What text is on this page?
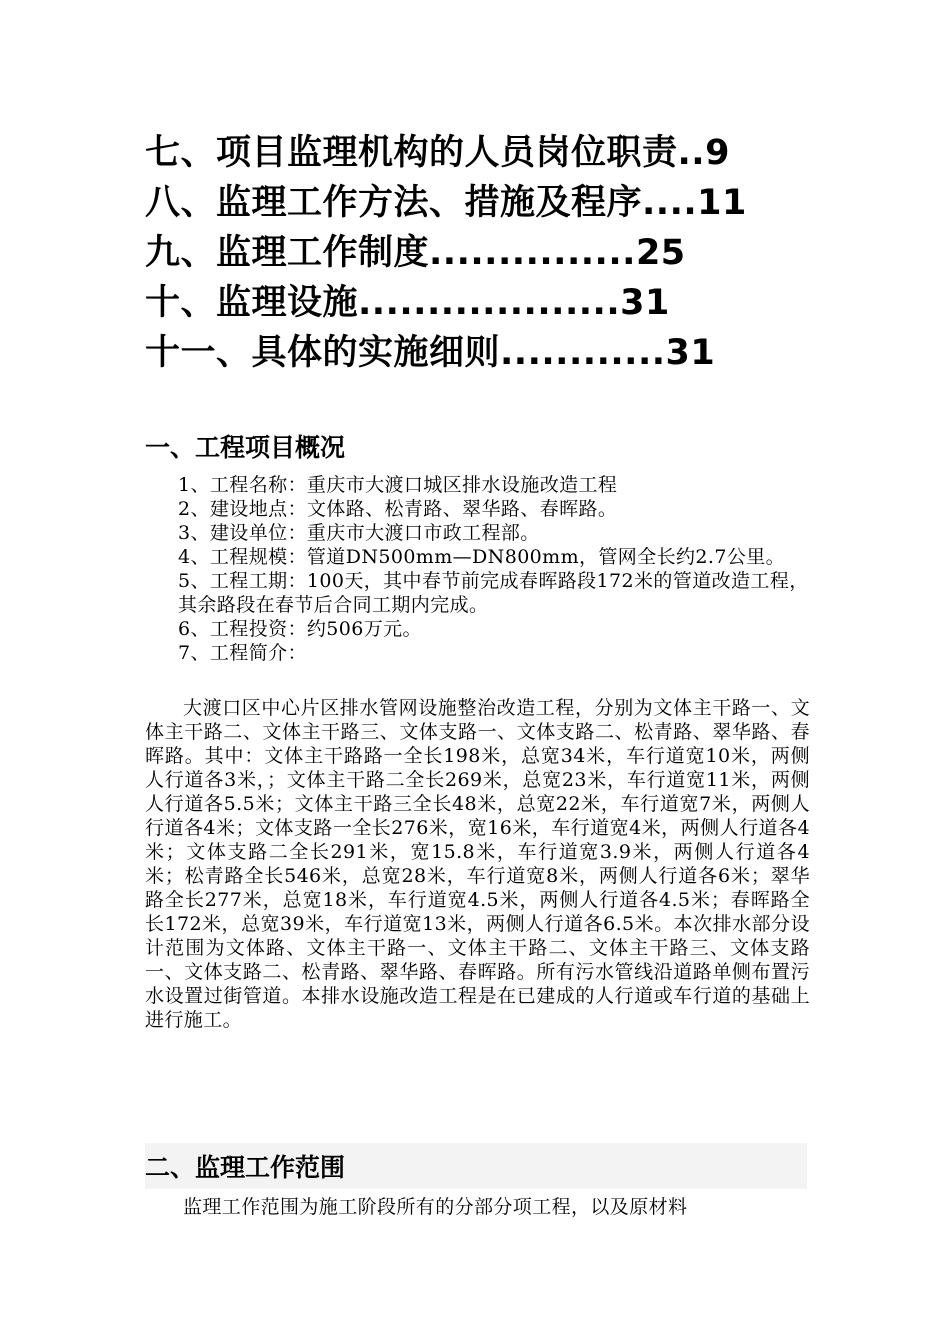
七、项目监理机构的人员岗位职责..9
八、监理工作方法、措施及程序....11
九、监理工作制度...............25
十、监理设施...................31
十一、具体的实施细则............31
一、工程项目概况

1、工程名称：重庆市大渡口城区排水设施改造工程

2、建设地点：文体路、松青路、翠华路、春晖路。

3、建设单位：重庆市大渡口市政工程部。

4、工程规模：管道DN500mm—DN800mm，管网全长约2.7公里。

5、工程工期：100天，其中春节前完成春晖路段172米的管道改造工程，其余路段在春节后合同工期内完成。

6、工程投资：约506万元。

7、工程简介：

大渡口区中心片区排水管网设施整治改造工程，分别为文体主干路一、文体主干路二、文体主干路三、文体支路一、文体支路二、松青路、翠华路、春晖路。其中：文体主干路路一全长198米，总宽34米，车行道宽10米，两侧人行道各3米，；文体主干路二全长269米，总宽23米，车行道宽11米，两侧人行道各5.5米；文体主干路三全长48米，总宽22米，车行道宽7米，两侧人行道各4米；文体支路一全长276米，宽16米，车行道宽4米，两侧人行道各4米；文体支路二全长291米，宽15.8米，车行道宽3.9米，两侧人行道各4米；松青路全长546米，总宽28米，车行道宽8米，两侧人行道各6米；翠华路全长277米，总宽18米，车行道宽4.5米，两侧人行道各4.5米；春晖路全长172米，总宽39米，车行道宽13米，两侧人行道各6.5米。本次排水部分设计范围为文体路、文体主干路一、文体主干路二、文体主干路三、文体支路一、文体支路二、松青路、翠华路、春晖路。所有污水管线沿道路单侧布置污水设置过街管道。本排水设施改造工程是在已建成的人行道或车行道的基础上进行施工。

二、监理工作范围

监理工作范围为施工阶段所有的分部分项工程，以及原材料
